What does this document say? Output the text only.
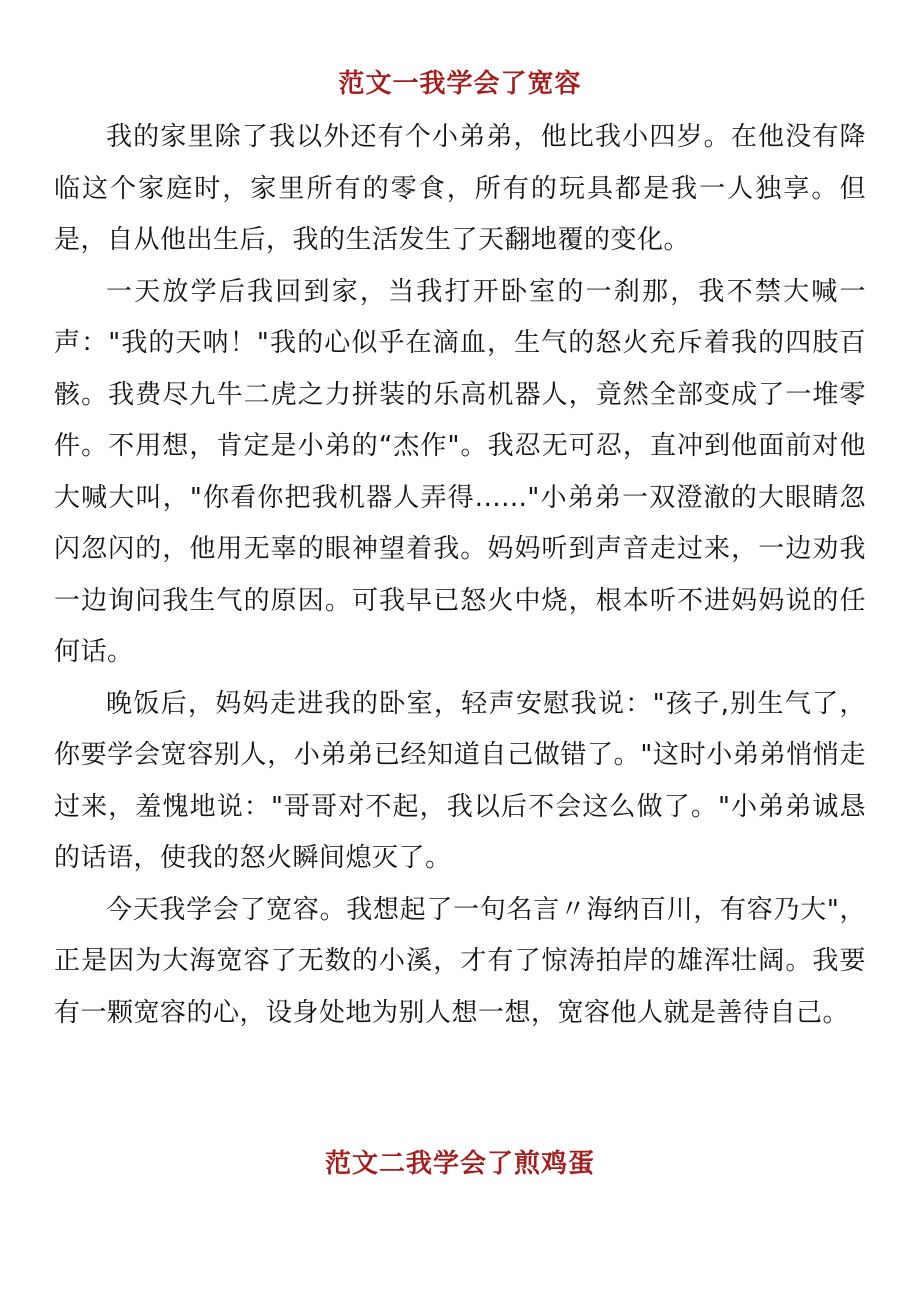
范文一我学会了宽容

我的家里除了我以外还有个小弟弟，他比我小四岁。在他没有降临这个家庭时，家里所有的零食，所有的玩具都是我一人独享。但是，自从他出生后，我的生活发生了天翻地覆的变化。

一天放学后我回到家，当我打开卧室的一刹那，我不禁大喊一声："我的天呐！"我的心似乎在滴血，生气的怒火充斥着我的四肢百骸。我费尽九牛二虎之力拼装的乐高机器人，竟然全部变成了一堆零件。不用想，肯定是小弟的“杰作"。我忍无可忍，直冲到他面前对他大喊大叫，"你看你把我机器人弄得......"小弟弟一双澄澈的大眼睛忽闪忽闪的，他用无辜的眼神望着我。妈妈听到声音走过来，一边劝我一边询问我生气的原因。可我早已怒火中烧，根本听不进妈妈说的任何话。

晚饭后，妈妈走进我的卧室，轻声安慰我说："孩子,别生气了，你要学会宽容别人，小弟弟已经知道自己做错了。"这时小弟弟悄悄走过来，羞愧地说："哥哥对不起，我以后不会这么做了。"小弟弟诚恳的话语，使我的怒火瞬间熄灭了。

今天我学会了宽容。我想起了一句名言〃海纳百川，有容乃大"，正是因为大海宽容了无数的小溪，才有了惊涛拍岸的雄浑壮阔。我要有一颗宽容的心，设身处地为别人想一想，宽容他人就是善待自己。

范文二我学会了煎鸡蛋
